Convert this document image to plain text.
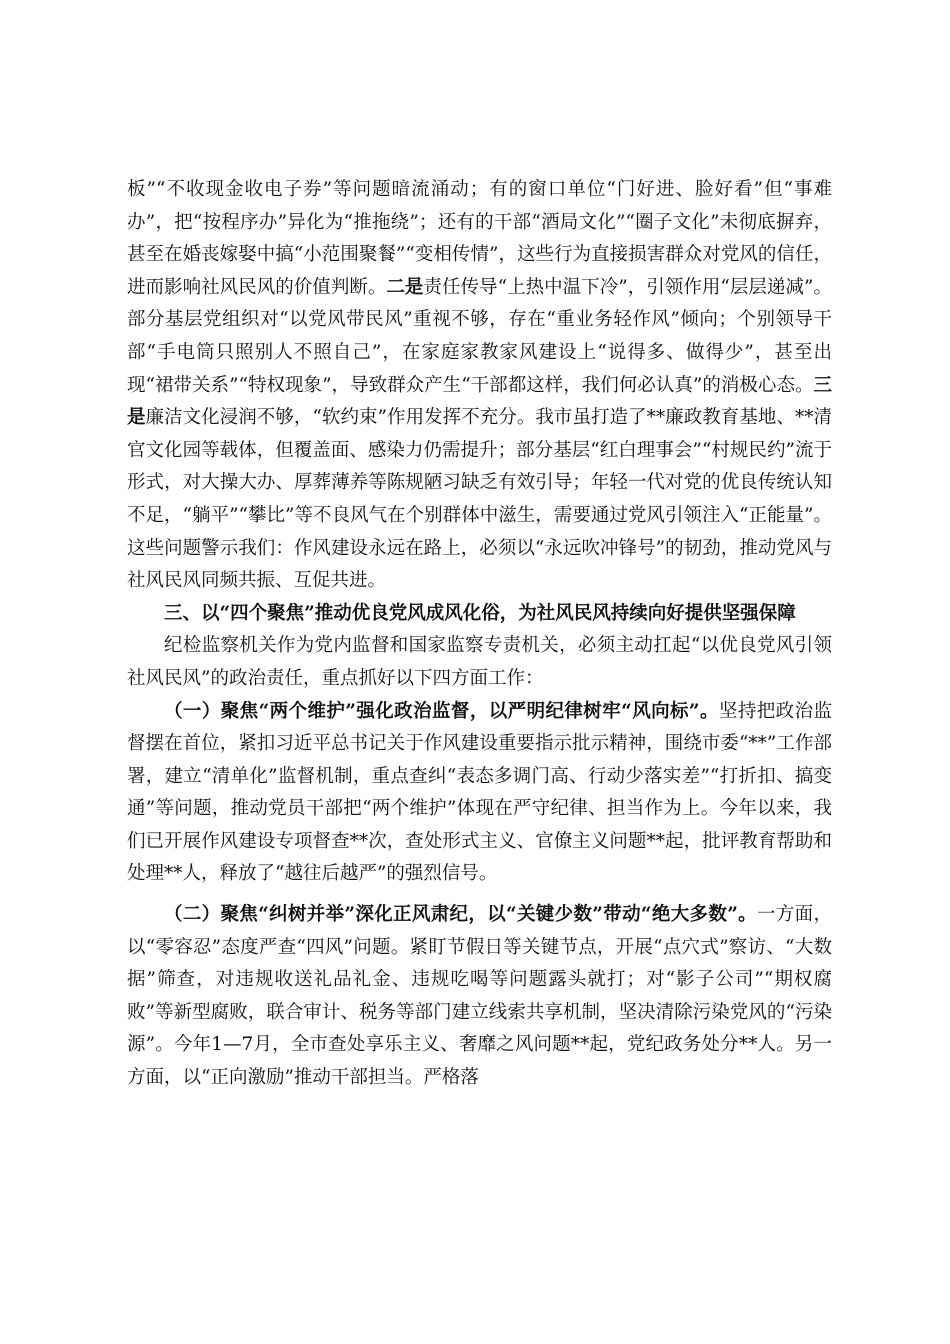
板”“不收现金收电子券”等问题暗流涌动；有的窗口单位“门好进、脸好看”但“事难办”，把“按程序办”异化为“推拖绕”；还有的干部“酒局文化”“圈子文化”未彻底摒弃，甚至在婚丧嫁娶中搞“小范围聚餐”“变相传情”，这些行为直接损害群众对党风的信任，进而影响社风民风的价值判断。二是责任传导“上热中温下冷”，引领作用“层层递减”。部分基层党组织对“以党风带民风”重视不够，存在“重业务轻作风”倾向；个别领导干部“手电筒只照别人不照自己”，在家庭家教家风建设上“说得多、做得少”，甚至出现“裙带关系”“特权现象”，导致群众产生“干部都这样，我们何必认真”的消极心态。三是廉洁文化浸润不够，“软约束”作用发挥不充分。我市虽打造了**廉政教育基地、**清官文化园等载体，但覆盖面、感染力仍需提升；部分基层“红白理事会”“村规民约”流于形式，对大操大办、厚葬薄养等陈规陋习缺乏有效引导；年轻一代对党的优良传统认知不足，“躺平”“攀比”等不良风气在个别群体中滋生，需要通过党风引领注入“正能量”。这些问题警示我们：作风建设永远在路上，必须以“永远吹冲锋号”的韧劲，推动党风与社风民风同频共振、互促共进。

三、以“四个聚焦”推动优良党风成风化俗，为社风民风持续向好提供坚强保障

纪检监察机关作为党内监督和国家监察专责机关，必须主动扛起“以优良党风引领社风民风”的政治责任，重点抓好以下四方面工作：

（一）聚焦“两个维护”强化政治监督，以严明纪律树牢“风向标”。坚持把政治监督摆在首位，紧扣习近平总书记关于作风建设重要指示批示精神，围绕市委“**”工作部署，建立“清单化”监督机制，重点查纠“表态多调门高、行动少落实差”“打折扣、搞变通”等问题，推动党员干部把“两个维护”体现在严守纪律、担当作为上。今年以来，我们已开展作风建设专项督查**次，查处形式主义、官僚主义问题**起，批评教育帮助和处理**人，释放了“越往后越严”的强烈信号。

（二）聚焦“纠树并举”深化正风肃纪，以“关键少数”带动“绝大多数”。一方面，以“零容忍”态度严查“四风”问题。紧盯节假日等关键节点，开展“点穴式”察访、“大数据”筛查，对违规收送礼品礼金、违规吃喝等问题露头就打；对“影子公司”“期权腐败”等新型腐败，联合审计、税务等部门建立线索共享机制，坚决清除污染党风的“污染源”。今年1—7月，全市查处享乐主义、奢靡之风问题**起，党纪政务处分**人。另一方面，以“正向激励”推动干部担当。严格落
